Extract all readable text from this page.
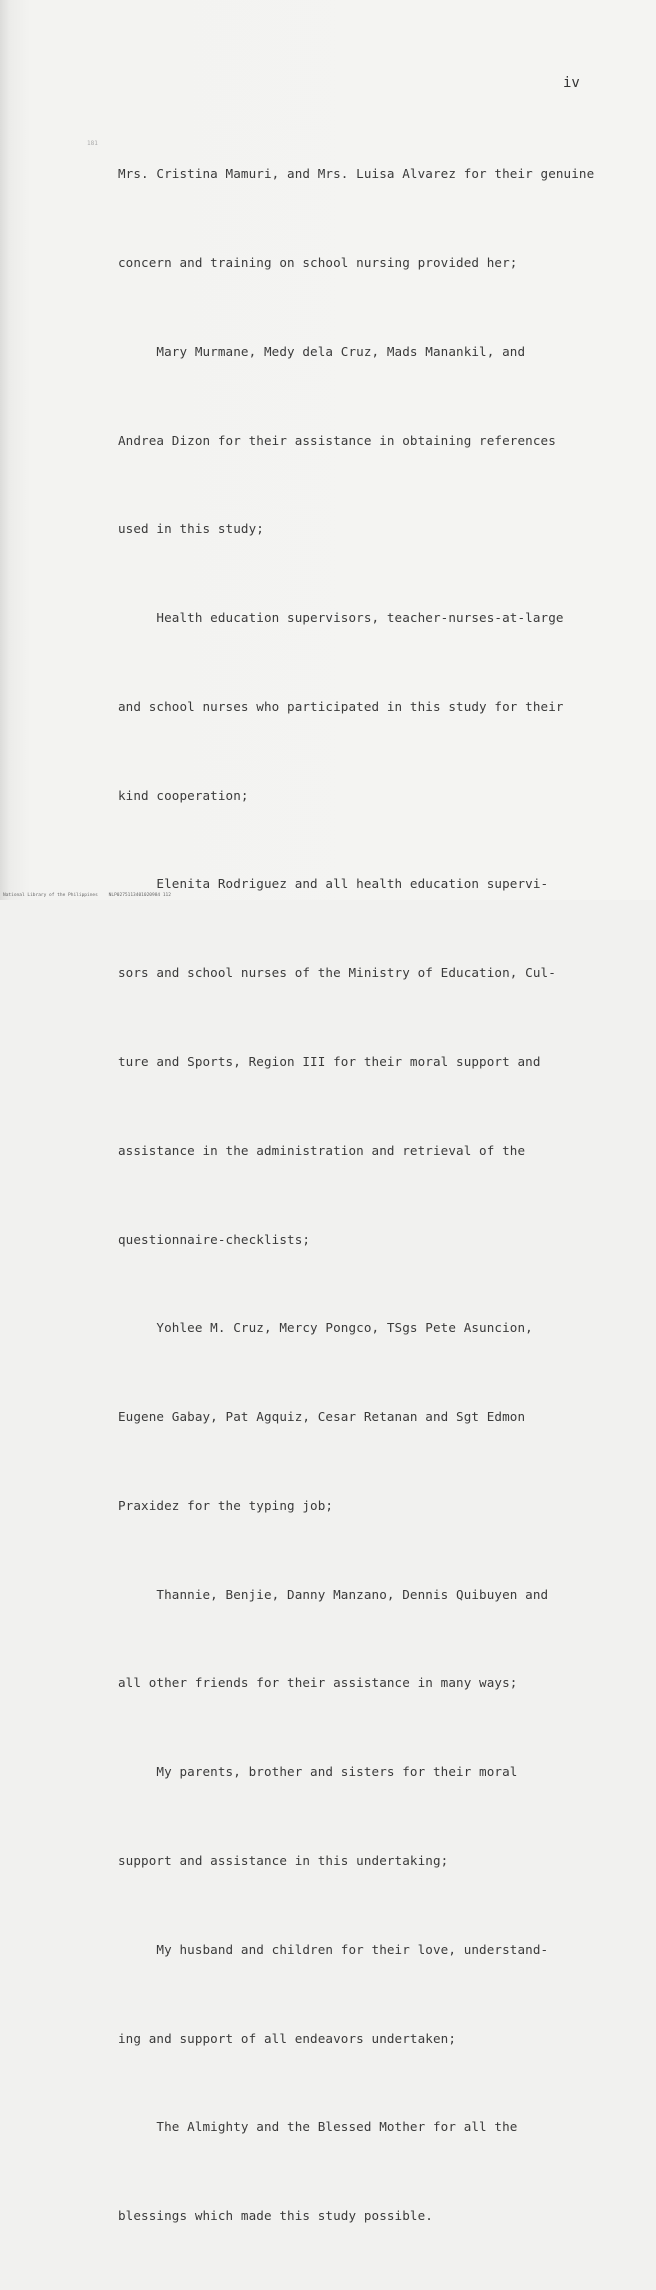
iv
181

Mrs. Cristina Mamuri, and Mrs. Luisa Alvarez for their genuine

concern and training on school nursing provided her;

Mary Murmane, Medy dela Cruz, Mads Manankil, and

Andrea Dizon for their assistance in obtaining references

used in this study;

Health education supervisors, teacher-nurses-at-large

and school nurses who participated in this study for their

kind cooperation;

Elenita Rodriguez and all health education supervi-

sors and school nurses of the Ministry of Education, Cul-

ture and Sports, Region III for their moral support and

assistance in the administration and retrieval of the

questionnaire-checklists;

Yohlee M. Cruz, Mercy Pongco, TSgs Pete Asuncion,

Eugene Gabay, Pat Agquiz, Cesar Retanan and Sgt Edmon

Praxidez for the typing job;

Thannie, Benjie, Danny Manzano, Dennis Quibuyen and

all other friends for their assistance in many ways;

My parents, brother and sisters for their moral

support and assistance in this undertaking;

My husband and children for their love, understand-

ing and support of all endeavors undertaken;

The Almighty and the Blessed Mother for all the

blessings which made this study possible.

National Library of the Philippines    NLP0275113401020984 112
